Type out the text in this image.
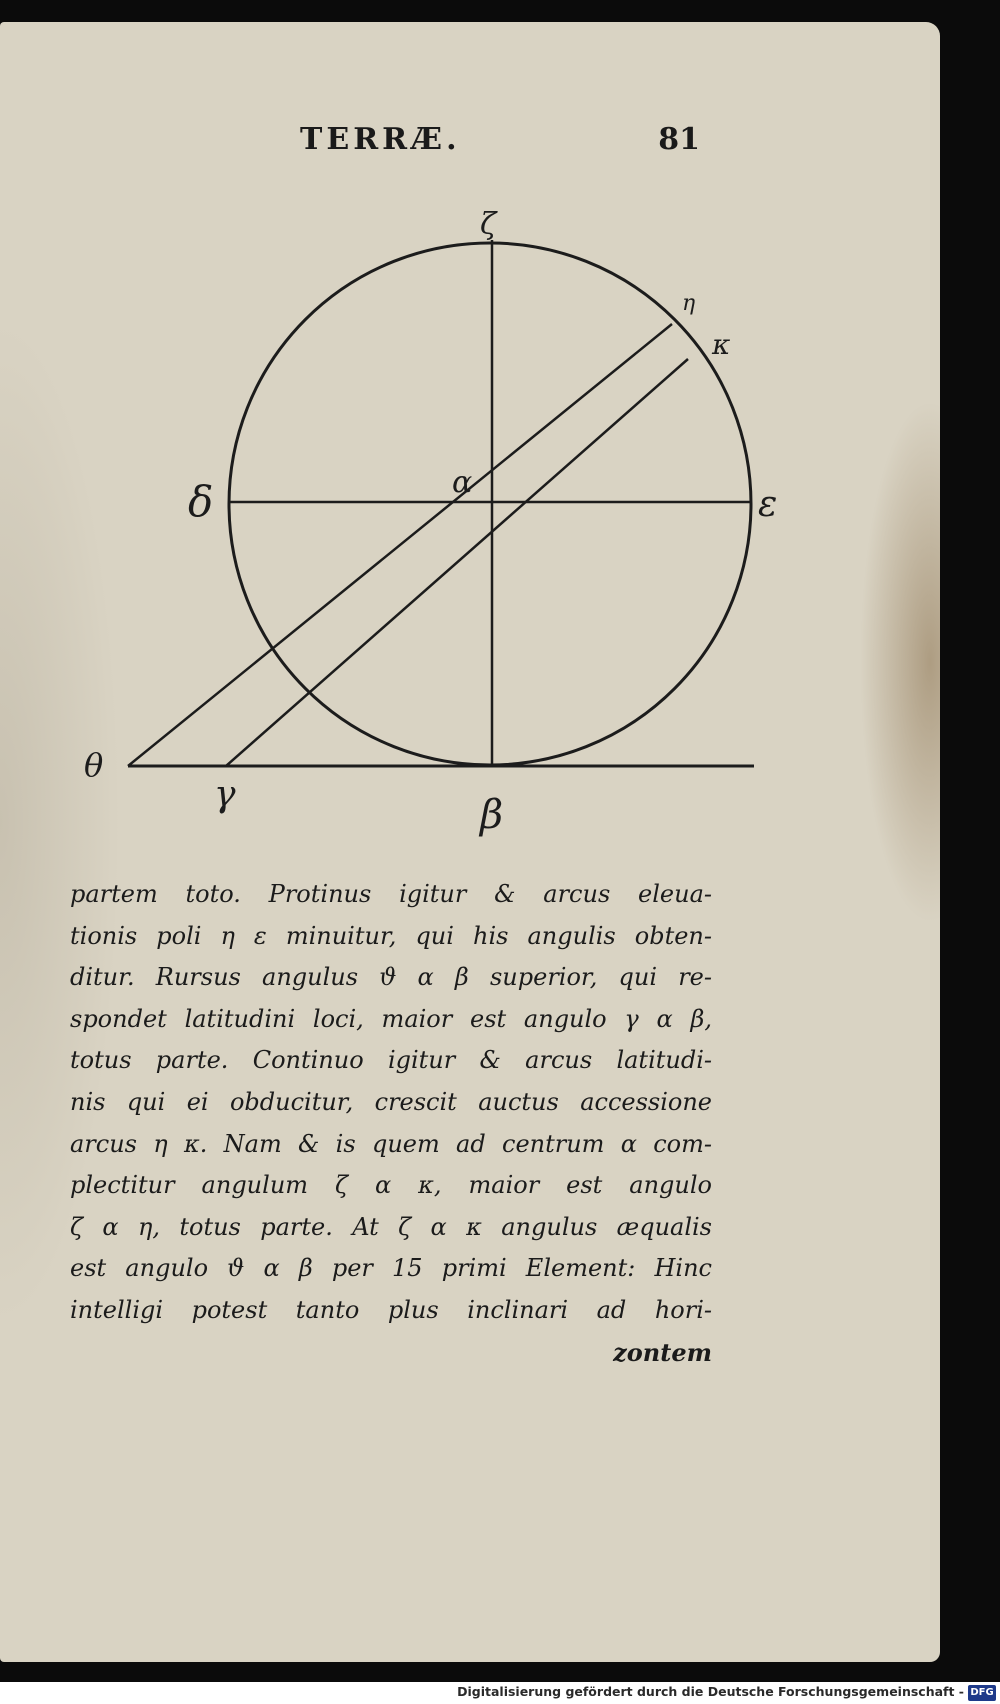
TERRÆ.	81
ζ
η
κ
δ	α
ε
θ
γ	β
partem toto. Protinus igitur & arcus eleua-
tionis poli η ε minuitur, qui his angulis obten-
ditur. Rursus angulus ϑ α β superior, qui re-
spondet latitudini loci, maior est angulo γ α β,
totus parte. Continuo igitur & arcus latitudi-
nis qui ei obducitur, crescit auctus accessione
arcus η κ. Nam & is quem ad centrum α com-
plectitur angulum ζ α κ, maior est angulo
ζ α η, totus parte. At ζ α κ angulus æqualis
est angulo ϑ α β per 15 primi Element: Hinc
intelligi potest tanto plus inclinari ad hori-
zontem
Digitalisierung gefördert durch die Deutsche Forschungsgemeinschaft - DFG
